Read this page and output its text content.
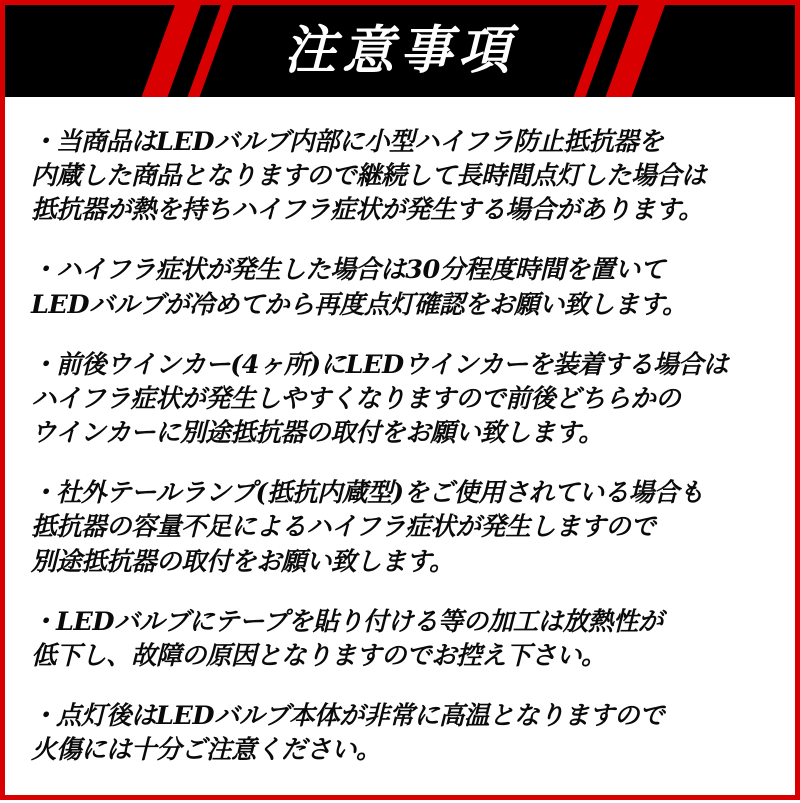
注意事項
・当商品はLEDバルブ内部に小型ハイフラ防止抵抗器を
内蔵した商品となりますので継続して長時間点灯した場合は
抵抗器が熱を持ちハイフラ症状が発生する場合があります。
・ハイフラ症状が発生した場合は30分程度時間を置いて
LEDバルブが冷めてから再度点灯確認をお願い致します。
・前後ウインカー(4ヶ所)にLEDウインカーを装着する場合は
ハイフラ症状が発生しやすくなりますので前後どちらかの
ウインカーに別途抵抗器の取付をお願い致します。
・社外テールランプ(抵抗内蔵型)をご使用されている場合も
抵抗器の容量不足によるハイフラ症状が発生しますので
別途抵抗器の取付をお願い致します。
・LEDバルブにテープを貼り付ける等の加工は放熱性が
低下し、故障の原因となりますのでお控え下さい。
・点灯後はLEDバルブ本体が非常に高温となりますので
火傷には十分ご注意ください。
